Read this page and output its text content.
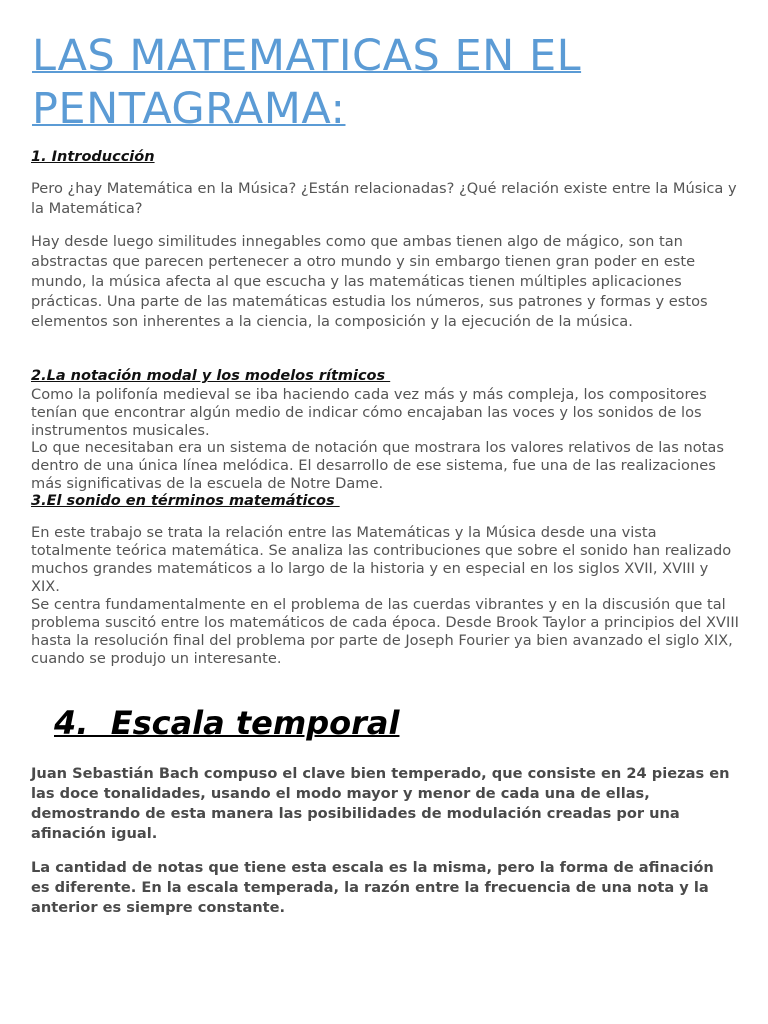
LAS MATEMATICAS EN EL PENTAGRAMA:
1. Introducción

Pero ¿hay Matemática en la Música? ¿Están relacionadas? ¿Qué relación existe entre la Música y la Matemática?

Hay desde luego similitudes innegables como que ambas tienen algo de mágico, son tan abstractas que parecen pertenecer a otro mundo y sin embargo tienen gran poder en este mundo, la música afecta al que escucha y las matemáticas tienen múltiples aplicaciones prácticas. Una parte de las matemáticas estudia los números, sus patrones y formas y estos elementos son inherentes a la ciencia, la composición y la ejecución de la música.

2.La notación modal y los modelos rítmicos

Como la polifonía medieval se iba haciendo cada vez más y más compleja, los compositores tenían que encontrar algún medio de indicar cómo encajaban las voces y los sonidos de los instrumentos musicales.

Lo que necesitaban era un sistema de notación que mostrara los valores relativos de las notas dentro de una única línea melódica. El desarrollo de ese sistema, fue una de las realizaciones más significativas de la escuela de Notre Dame.

3.El sonido en términos matemáticos

En este trabajo se trata la relación entre las Matemáticas y la Música desde una vista totalmente teórica matemática. Se analiza las contribuciones que sobre el sonido han realizado muchos grandes matemáticos a lo largo de la historia y en especial en los siglos XVII, XVIII y XIX.

Se centra fundamentalmente en el problema de las cuerdas vibrantes y en la discusión que tal problema suscitó entre los matemáticos de cada época. Desde Brook Taylor a principios del XVIII hasta la resolución final del problema por parte de Joseph Fourier ya bien avanzado el siglo XIX, cuando se produjo un interesante.

4.  Escala temporal

Juan Sebastián Bach compuso el clave bien temperado, que consiste en 24 piezas en las doce tonalidades, usando el modo mayor y menor de cada una de ellas, demostrando de esta manera las posibilidades de modulación creadas por una afinación igual.

La cantidad de notas que tiene esta escala es la misma, pero la forma de afinación es diferente. En la escala temperada, la razón entre la frecuencia de una nota y la anterior es siempre constante.
